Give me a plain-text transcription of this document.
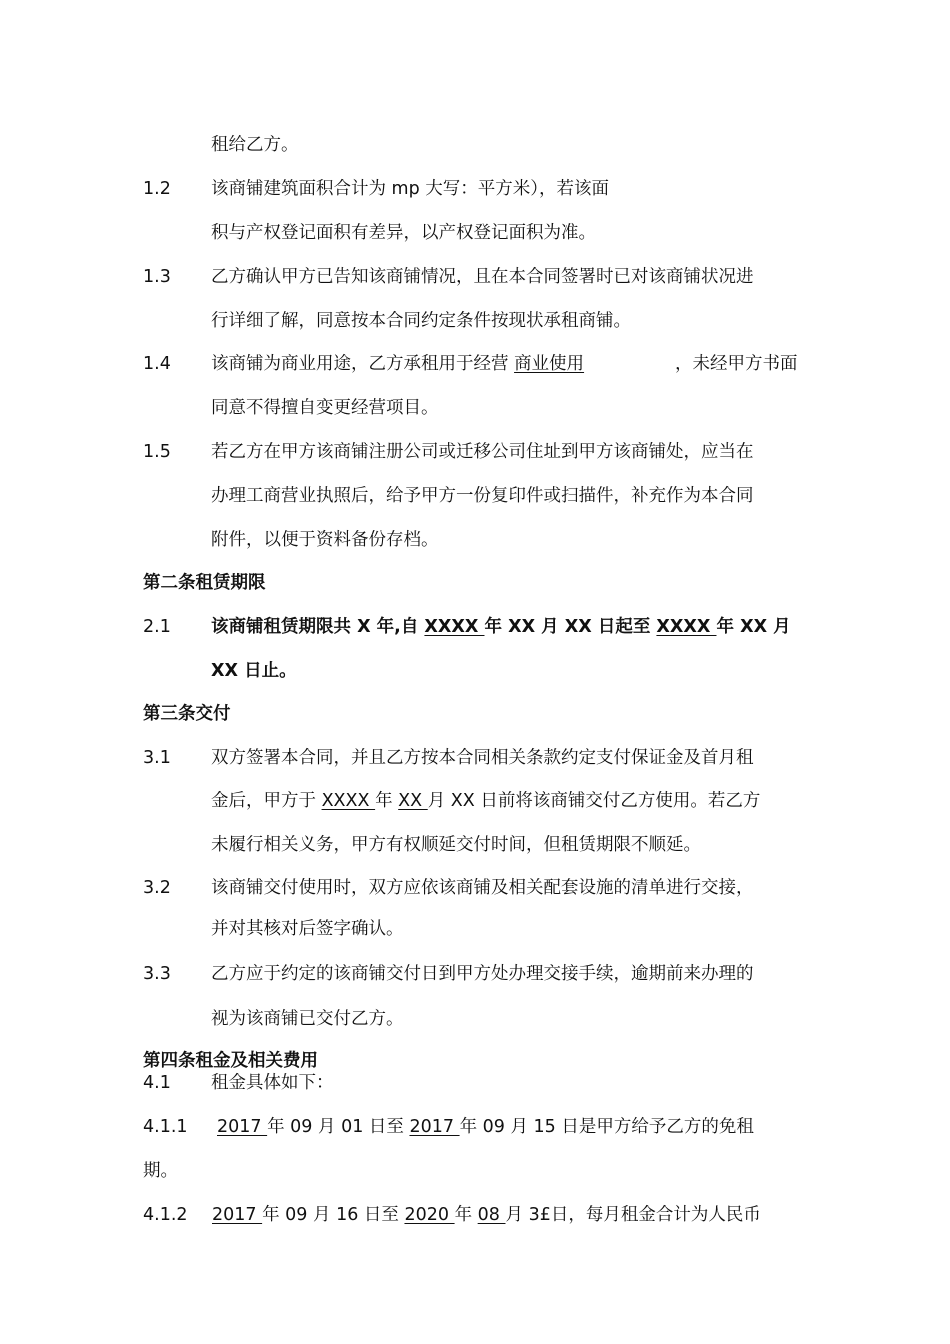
租给乙方。
1.2 该商铺建筑面积合计为 mp 大写：平方米），若该面
积与产权登记面积有差异，以产权登记面积为准。
1.3 乙方确认甲方已告知该商铺情况，且在本合同签署时已对该商铺状况进
行详细了解，同意按本合同约定条件按现状承租商铺。
1.4 该商铺为商业用途，乙方承租用于经营 商业使用	，未经甲方书面
同意不得擅自变更经营项目。
1.5 若乙方在甲方该商铺注册公司或迁移公司住址到甲方该商铺处，应当在
办理工商营业执照后，给予甲方一份复印件或扫描件，补充作为本合同
附件，以便于资料备份存档。
第二条租赁期限
2.1 该商铺租赁期限共 X 年,自 XXXX 年 XX 月 XX 日起至 XXXX 年 XX 月
XX 日止。
第三条交付
3.1 双方签署本合同，并且乙方按本合同相关条款约定支付保证金及首月租
金后，甲方于 XXXX 年 XX 月 XX 日前将该商铺交付乙方使用。若乙方
未履行相关义务，甲方有权顺延交付时间，但租赁期限不顺延。
3.2 该商铺交付使用时，双方应依该商铺及相关配套设施的清单进行交接，
并对其核对后签字确认。
3.3 乙方应于约定的该商铺交付日到甲方处办理交接手续，逾期前来办理的
视为该商铺已交付乙方。
第四条租金及相关费用
4.1 租金具体如下：
4.1.1 2017 年 09 月 01 日至 2017 年 09 月 15 日是甲方给予乙方的免租
期。
4.1.2 2017 年 09 月 16 日至 2020 年 08 月 3£日，每月租金合计为人民币
